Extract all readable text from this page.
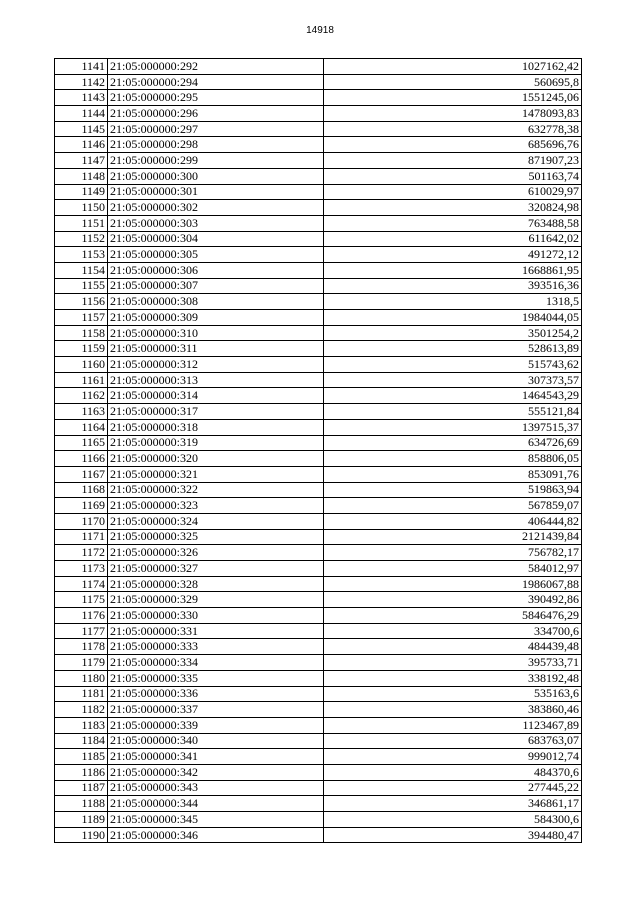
14918
1141	21:05:000000:292	1027162,42
1142	21:05:000000:294	560695,8
1143	21:05:000000:295	1551245,06
1144	21:05:000000:296	1478093,83
1145	21:05:000000:297	632778,38
1146	21:05:000000:298	685696,76
1147	21:05:000000:299	871907,23
1148	21:05:000000:300	501163,74
1149	21:05:000000:301	610029,97
1150	21:05:000000:302	320824,98
1151	21:05:000000:303	763488,58
1152	21:05:000000:304	611642,02
1153	21:05:000000:305	491272,12
1154	21:05:000000:306	1668861,95
1155	21:05:000000:307	393516,36
1156	21:05:000000:308	1318,5
1157	21:05:000000:309	1984044,05
1158	21:05:000000:310	3501254,2
1159	21:05:000000:311	528613,89
1160	21:05:000000:312	515743,62
1161	21:05:000000:313	307373,57
1162	21:05:000000:314	1464543,29
1163	21:05:000000:317	555121,84
1164	21:05:000000:318	1397515,37
1165	21:05:000000:319	634726,69
1166	21:05:000000:320	858806,05
1167	21:05:000000:321	853091,76
1168	21:05:000000:322	519863,94
1169	21:05:000000:323	567859,07
1170	21:05:000000:324	406444,82
1171	21:05:000000:325	2121439,84
1172	21:05:000000:326	756782,17
1173	21:05:000000:327	584012,97
1174	21:05:000000:328	1986067,88
1175	21:05:000000:329	390492,86
1176	21:05:000000:330	5846476,29
1177	21:05:000000:331	334700,6
1178	21:05:000000:333	484439,48
1179	21:05:000000:334	395733,71
1180	21:05:000000:335	338192,48
1181	21:05:000000:336	535163,6
1182	21:05:000000:337	383860,46
1183	21:05:000000:339	1123467,89
1184	21:05:000000:340	683763,07
1185	21:05:000000:341	999012,74
1186	21:05:000000:342	484370,6
1187	21:05:000000:343	277445,22
1188	21:05:000000:344	346861,17
1189	21:05:000000:345	584300,6
1190	21:05:000000:346	394480,47
